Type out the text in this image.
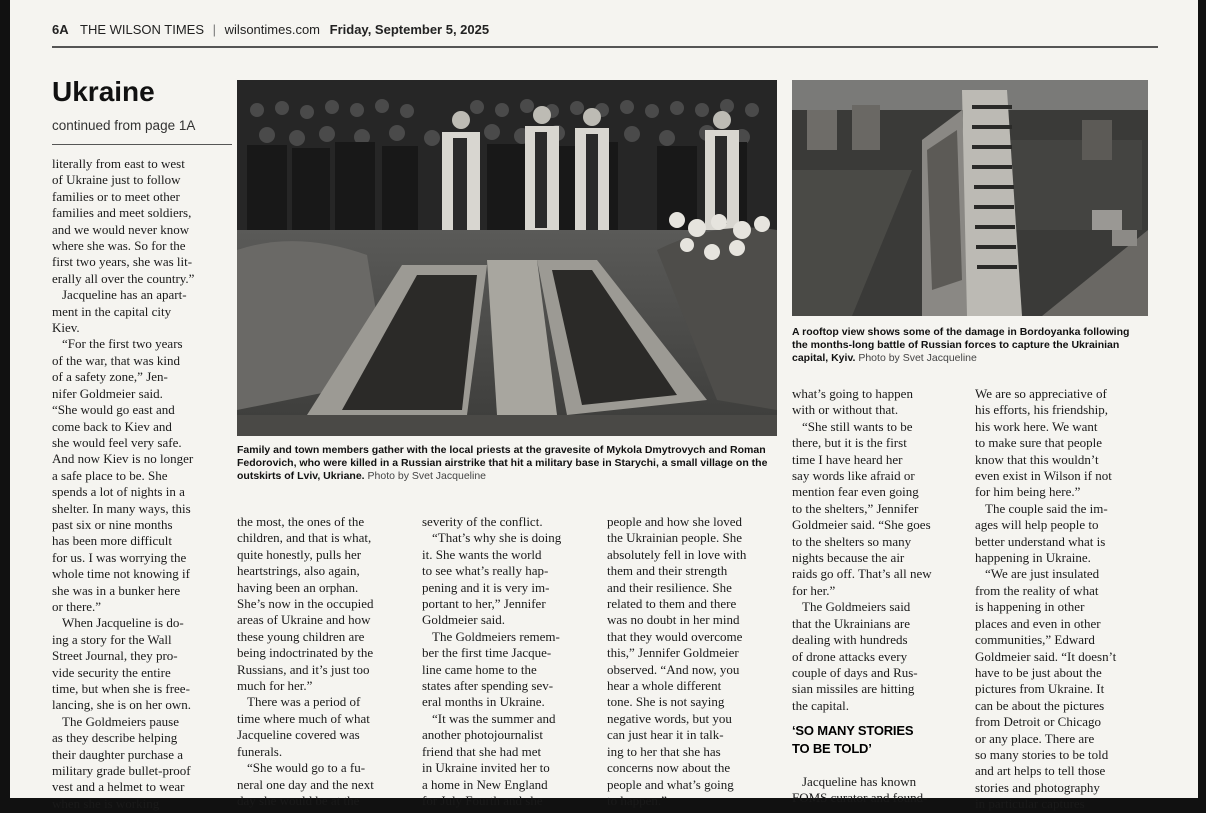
6A THE WILSON TIMES | wilsontimes.com Friday, September 5, 2025
Ukraine
continued from page 1A
literally from east to west
of Ukraine just to follow
families or to meet other
families and meet soldiers,
and we would never know
where she was. So for the
first two years, she was lit-
erally all over the country.”
Jacqueline has an apart-
ment in the capital city
Kiev.
“For the first two years
of the war, that was kind
of a safety zone,” Jen-
nifer Goldmeier said.
“She would go east and
come back to Kiev and
she would feel very safe.
And now Kiev is no longer
a safe place to be. She
spends a lot of nights in a
shelter. In many ways, this
past six or nine months
has been more difficult
for us. I was worrying the
whole time not knowing if
she was in a bunker here
or there.”
When Jacqueline is do-
ing a story for the Wall
Street Journal, they pro-
vide security the entire
time, but when she is free-
lancing, she is on her own.
The Goldmeiers pause
as they describe helping
their daughter purchase a
military grade bullet-proof
vest and a helmet to wear
when she is working
Family and town members gather with the local priests at the gravesite of Mykola Dmytrovych and Roman Fedorovich, who were killed in a Russian airstrike that hit a military base in Starychi, a small village on the outskirts of Lviv, Ukriane. Photo by Svet Jacqueline
the most, the ones of the
children, and that is what,
quite honestly, pulls her
heartstrings, also again,
having been an orphan.
She’s now in the occupied
areas of Ukraine and how
these young children are
being indoctrinated by the
Russians, and it’s just too
much for her.”
There was a period of
time where much of what
Jacqueline covered was
funerals.
“She would go to a fu-
neral one day and the next
day she would be at the
severity of the conflict.
“That’s why she is doing
it. She wants the world
to see what’s really hap-
pening and it is very im-
portant to her,” Jennifer
Goldmeier said.
The Goldmeiers remem-
ber the first time Jacque-
line came home to the
states after spending sev-
eral months in Ukraine.
“It was the summer and
another photojournalist
friend that she had met
in Ukraine invited her to
a home in New England
for July Fourth and she
people and how she loved
the Ukrainian people. She
absolutely fell in love with
them and their strength
and their resilience. She
related to them and there
was no doubt in her mind
that they would overcome
this,” Jennifer Goldmeier
observed. “And now, you
hear a whole different
tone. She is not saying
negative words, but you
can just hear it in talk-
ing to her that she has
concerns now about the
people and what’s going
to happen.”
A rooftop view shows some of the damage in Bordoyanka following the months-long battle of Russian forces to capture the Ukrainian capital, Kyiv. Photo by Svet Jacqueline
what’s going to happen
with or without that.
“She still wants to be
there, but it is the first
time I have heard her
say words like afraid or
mention fear even going
to the shelters,” Jennifer
Goldmeier said. “She goes
to the shelters so many
nights because the air
raids go off. That’s all new
for her.”
The Goldmeiers said
that the Ukrainians are
dealing with hundreds
of drone attacks every
couple of days and Rus-
sian missiles are hitting
the capital.
‘SO MANY STORIES
TO BE TOLD’
Jacqueline has known
FOMS curator and found-
We are so appreciative of
his efforts, his friendship,
his work here. We want
to make sure that people
know that this wouldn’t
even exist in Wilson if not
for him being here.”
The couple said the im-
ages will help people to
better understand what is
happening in Ukraine.
“We are just insulated
from the reality of what
is happening in other
places and even in other
communities,” Edward
Goldmeier said. “It doesn’t
have to be just about the
pictures from Ukraine. It
can be about the pictures
from Detroit or Chicago
or any place. There are
so many stories to be told
and art helps to tell those
stories and photography
in particular captures
